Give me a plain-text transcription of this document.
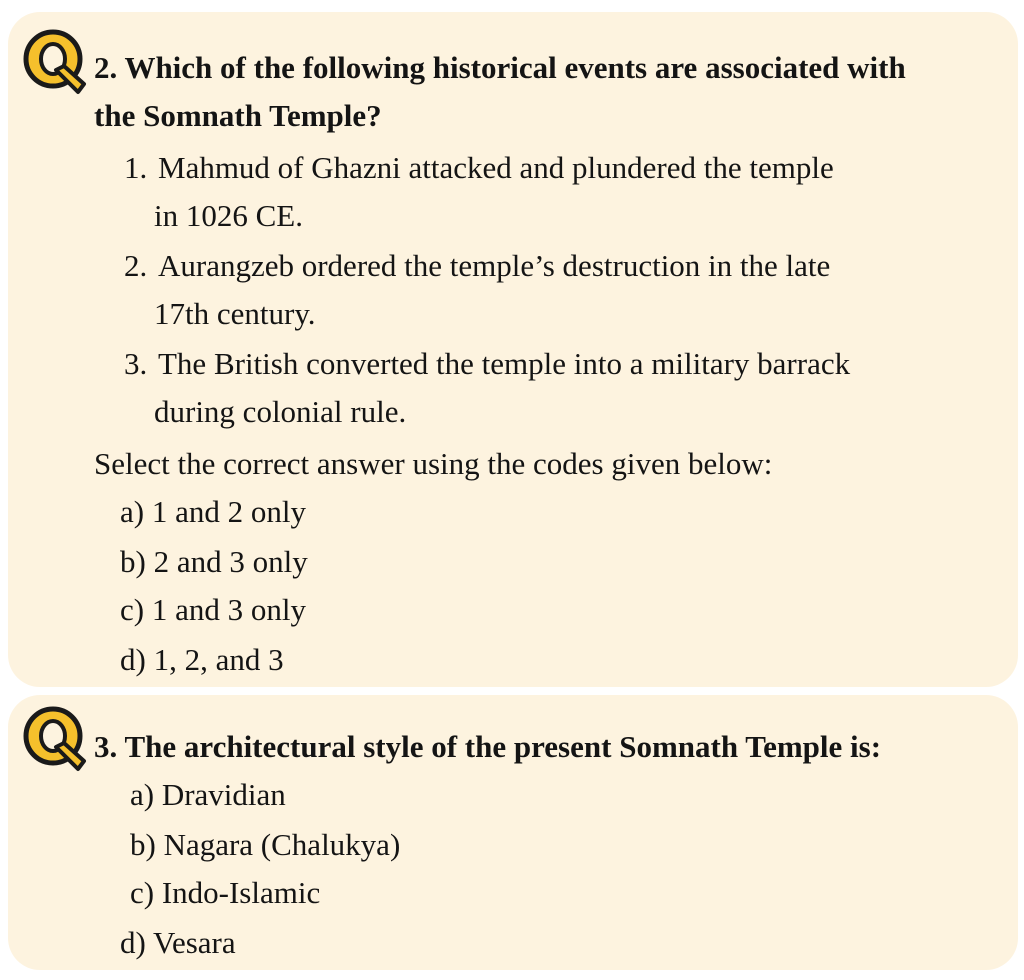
Q 2. Which of the following historical events are associated with
the Somnath Temple?
1. Mahmud of Ghazni attacked and plundered the temple
in 1026 CE.
2. Aurangzeb ordered the temple’s destruction in the late
17th century.
3. The British converted the temple into a military barrack
during colonial rule.
Select the correct answer using the codes given below:
a) 1 and 2 only
b) 2 and 3 only
c) 1 and 3 only
d) 1, 2, and 3
Q 3. The architectural style of the present Somnath Temple is:
a) Dravidian
b) Nagara (Chalukya)
c) Indo-Islamic
d) Vesara
